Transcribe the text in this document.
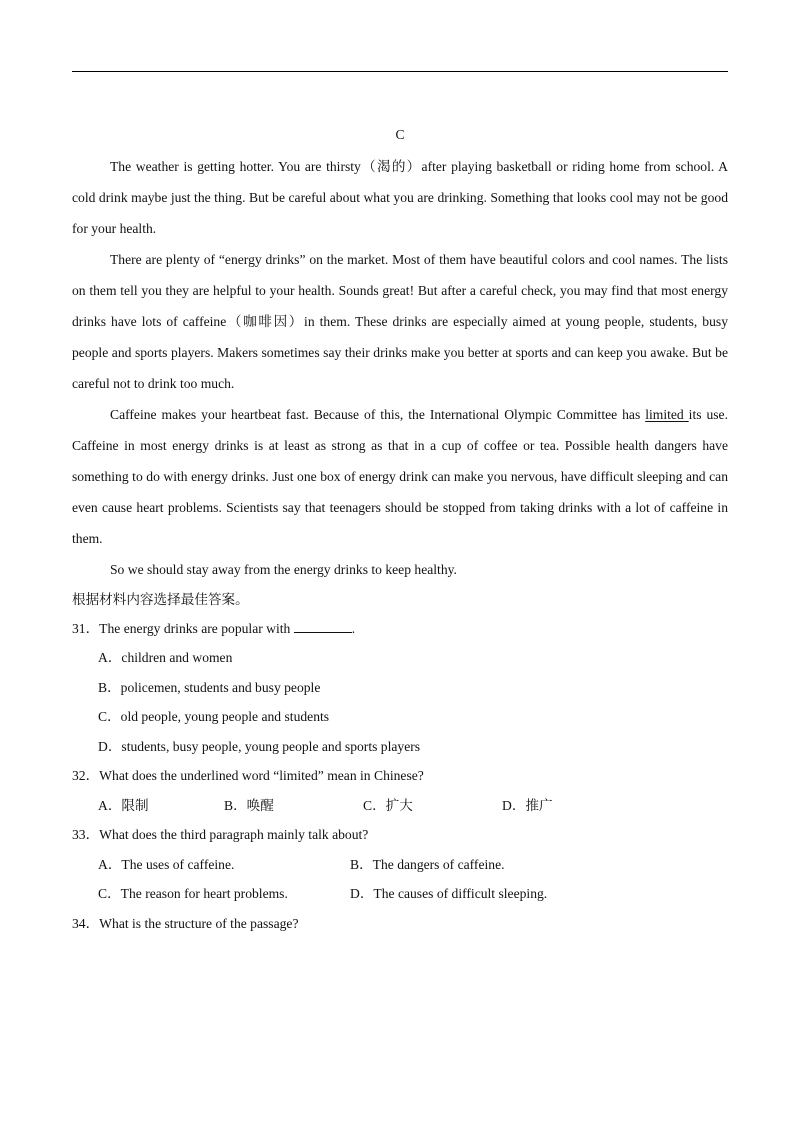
C

The weather is getting hotter. You are thirsty（渴的）after playing basketball or riding home from school. A cold drink maybe just the thing. But be careful about what you are drinking. Something that looks cool may not be good for your health.

There are plenty of “energy drinks” on the market. Most of them have beautiful colors and cool names. The lists on them tell you they are helpful to your health. Sounds great! But after a careful check, you may find that most energy drinks have lots of caffeine（咖啡因）in them. These drinks are especially aimed at young people, students, busy people and sports players. Makers sometimes say their drinks make you better at sports and can keep you awake. But be careful not to drink too much.

Caffeine makes your heartbeat fast. Because of this, the International Olympic Committee has limited its use. Caffeine in most energy drinks is at least as strong as that in a cup of coffee or tea. Possible health dangers have something to do with energy drinks. Just one box of energy drink can make you nervous, have difficult sleeping and can even cause heart problems. Scientists say that teenagers should be stopped from taking drinks with a lot of caffeine in them.

So we should stay away from the energy drinks to keep healthy.

根据材料内容选择最佳答案。
31．The energy drinks are popular with	.
A．children and women
B．policemen, students and busy people
C．old people, young people and students
D．students, busy people, young people and sports players
32．What does the underlined word “limited” mean in Chinese?
A．限制	B．唤醒	C．扩大	D．推广
33．What does the third paragraph mainly talk about?
A．The uses of caffeine.	B．The dangers of caffeine.
C．The reason for heart problems.	D．The causes of difficult sleeping.
34．What is the structure of the passage?
